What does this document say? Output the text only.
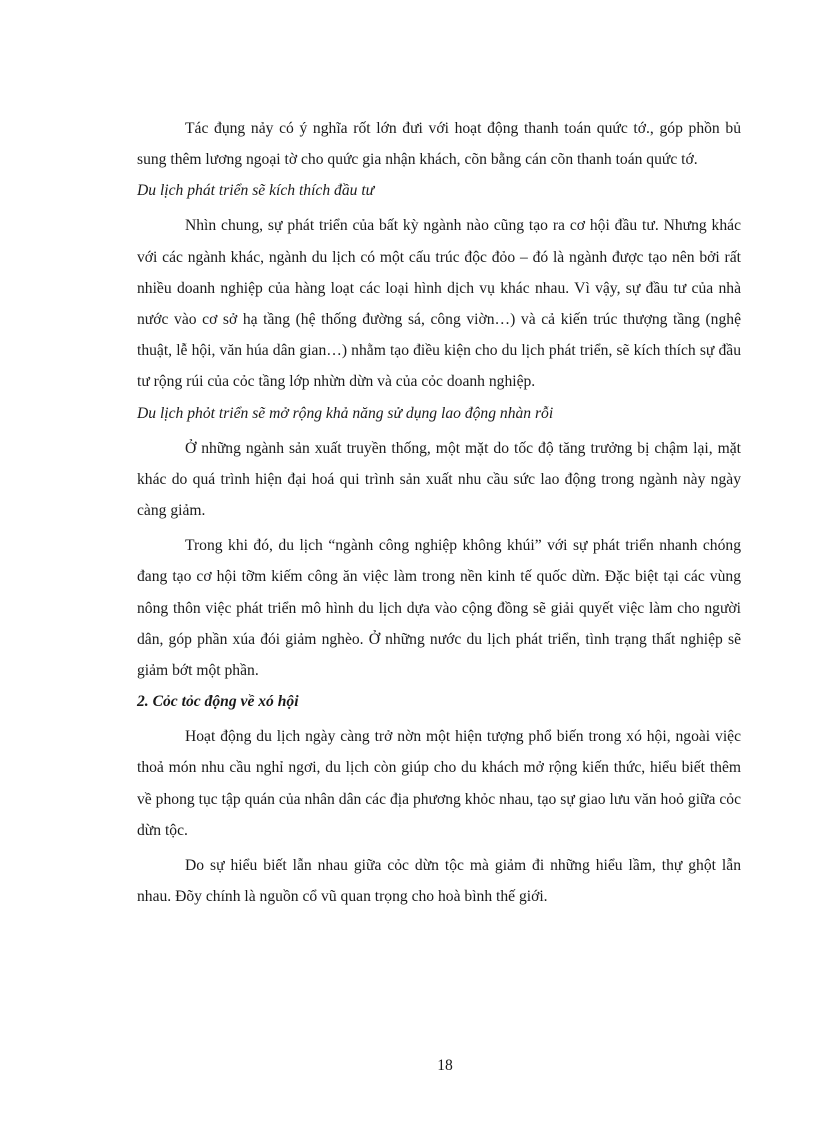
Tác đụng nảy có ý nghĩa rốt lớn đưi với hoạt động thanh toán quức tớ., góp phồn bủ sung thêm lương ngoại tờ cho quức gia nhận khách, cõn bằng cán cõn thanh toán quức tớ.

Du lịch phát triển sẽ kích thích đầu tư

Nhìn chung, sự phát triển của bất kỳ ngành nào cũng tạo ra cơ hội đầu tư. Nhưng khác với các ngành khác, ngành du lịch có một cấu trúc độc đỏo – đó là ngành được tạo nên bởi rất nhiều doanh nghiệp của hàng loạt các loại hình dịch vụ khác nhau. Vì vậy, sự đầu tư của nhà nước vào cơ sở hạ tầng (hệ thống đường sá, công viờn…) và cả kiến trúc thượng tầng (nghệ thuật, lễ hội, văn húa dân gian…) nhằm tạo điều kiện cho du lịch phát triển, sẽ kích thích sự đầu tư rộng rúi của cỏc tầng lớp nhừn dừn và của cỏc doanh nghiệp.

Du lịch phỏt triển sẽ mở rộng khả năng sử dụng lao động nhàn rỗi

Ở những ngành sản xuất truyền thống, một mặt do tốc độ tăng trưởng bị chậm lại, mặt khác do quá trình hiện đại hoá qui trình sản xuất nhu cầu sức lao động trong ngành này ngày càng giảm.

Trong khi đó, du lịch “ngành công nghiệp không khúi” với sự phát triển nhanh chóng đang tạo cơ hội tỡm kiếm công ăn việc làm trong nền kinh tế quốc dừn. Đặc biệt tại các vùng nông thôn việc phát triển mô hình du lịch dựa vào cộng đồng sẽ giải quyết việc làm cho người dân, góp phần xúa đói giảm nghèo. Ở những nước du lịch phát triển, tình trạng thất nghiệp sẽ giảm bớt một phần.

2. Cỏc tỏc động về xó hội

Hoạt động du lịch ngày càng trở nờn một hiện tượng phổ biến trong xó hội, ngoài việc thoả món nhu cầu nghỉ ngơi, du lịch còn giúp cho du khách mở rộng kiến thức, hiểu biết thêm về phong tục tập quán của nhân dân các địa phương khỏc nhau, tạo sự giao lưu văn hoỏ giữa cỏc dừn tộc.

Do sự hiểu biết lẫn nhau giữa cỏc dừn tộc mà giảm đi những hiểu lầm, thự ghột lẫn nhau. Đõy chính là nguồn cổ vũ quan trọng cho hoà bình thế giới.

18
